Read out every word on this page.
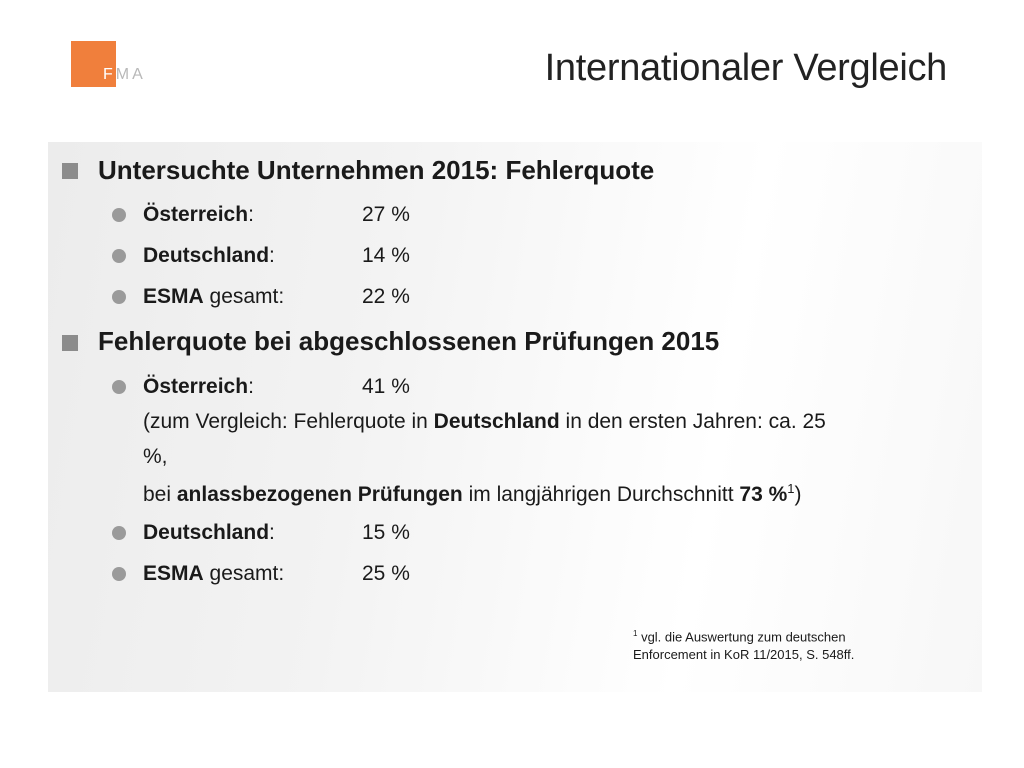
FMA	Internationaler Vergleich
Untersuchte Unternehmen 2015: Fehlerquote
Österreich:	27 %
Deutschland:	14 %
ESMA gesamt:	22 %
Fehlerquote bei abgeschlossenen Prüfungen 2015
Österreich:	41 %
(zum Vergleich: Fehlerquote in Deutschland in den ersten Jahren: ca. 25
%,
bei anlassbezogenen Prüfungen im langjährigen Durchschnitt 73 %$^1$)
Deutschland:	15 %
ESMA gesamt:	25 %
$^1$ vgl. die Auswertung zum deutschen
Enforcement in KoR 11/2015, S. 548ff.
